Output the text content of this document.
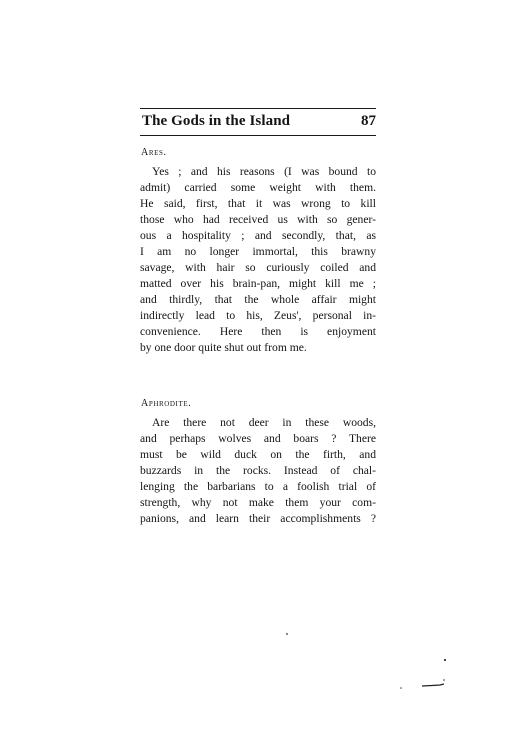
The Gods in the Island	87
Ares.
Yes ; and his reasons (I was bound to
admit) carried some weight with them.
He said, first, that it was wrong to kill
those who had received us with so gener-
ous a hospitality ; and secondly, that, as
I am no longer immortal, this brawny
savage, with hair so curiously coiled and
matted over his brain-pan, might kill me ;
and thirdly, that the whole affair might
indirectly lead to his, Zeus', personal in-
convenience. Here then is enjoyment
by one door quite shut out from me.
Aphrodite.
Are there not deer in these woods,
and perhaps wolves and boars ? There
must be wild duck on the firth, and
buzzards in the rocks. Instead of chal-
lenging the barbarians to a foolish trial of
strength, why not make them your com-
panions, and learn their accomplishments ?
